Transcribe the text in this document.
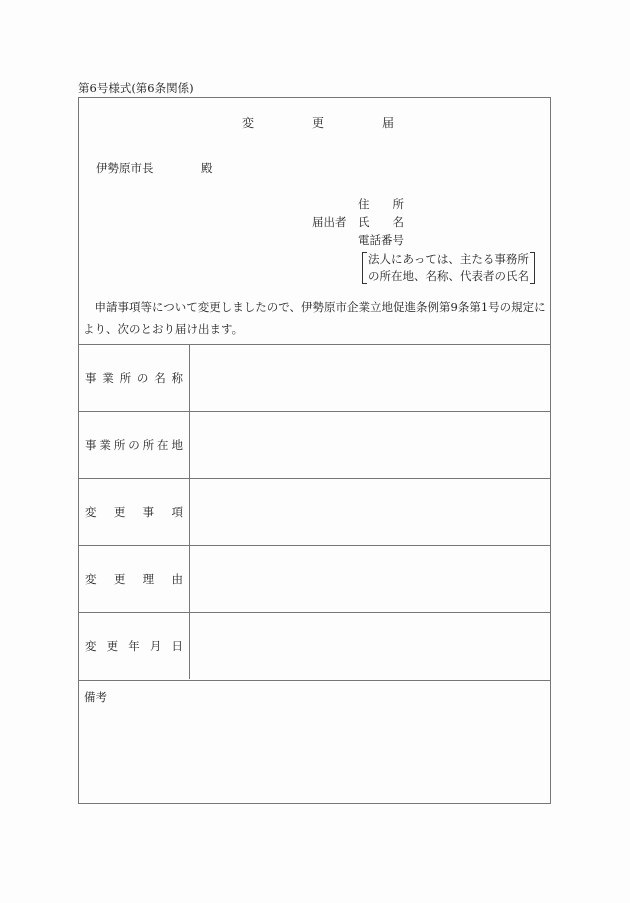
第6号様式(第6条関係)
変	更	届
伊勢原市長	殿
届出者
住　　所
氏　　名
電話番号
法人にあっては、主たる事務所
の所在地、名称、代表者の氏名
申請事項等について変更しましたので、伊勢原市企業立地促進条例第9条第1号の規定により、次のとおり届け出ます。
事 業 所 の 名 称
事 業 所 の 所 在 地
変 更 事 項
変 更 理 由
変 更 年 月 日
備考
